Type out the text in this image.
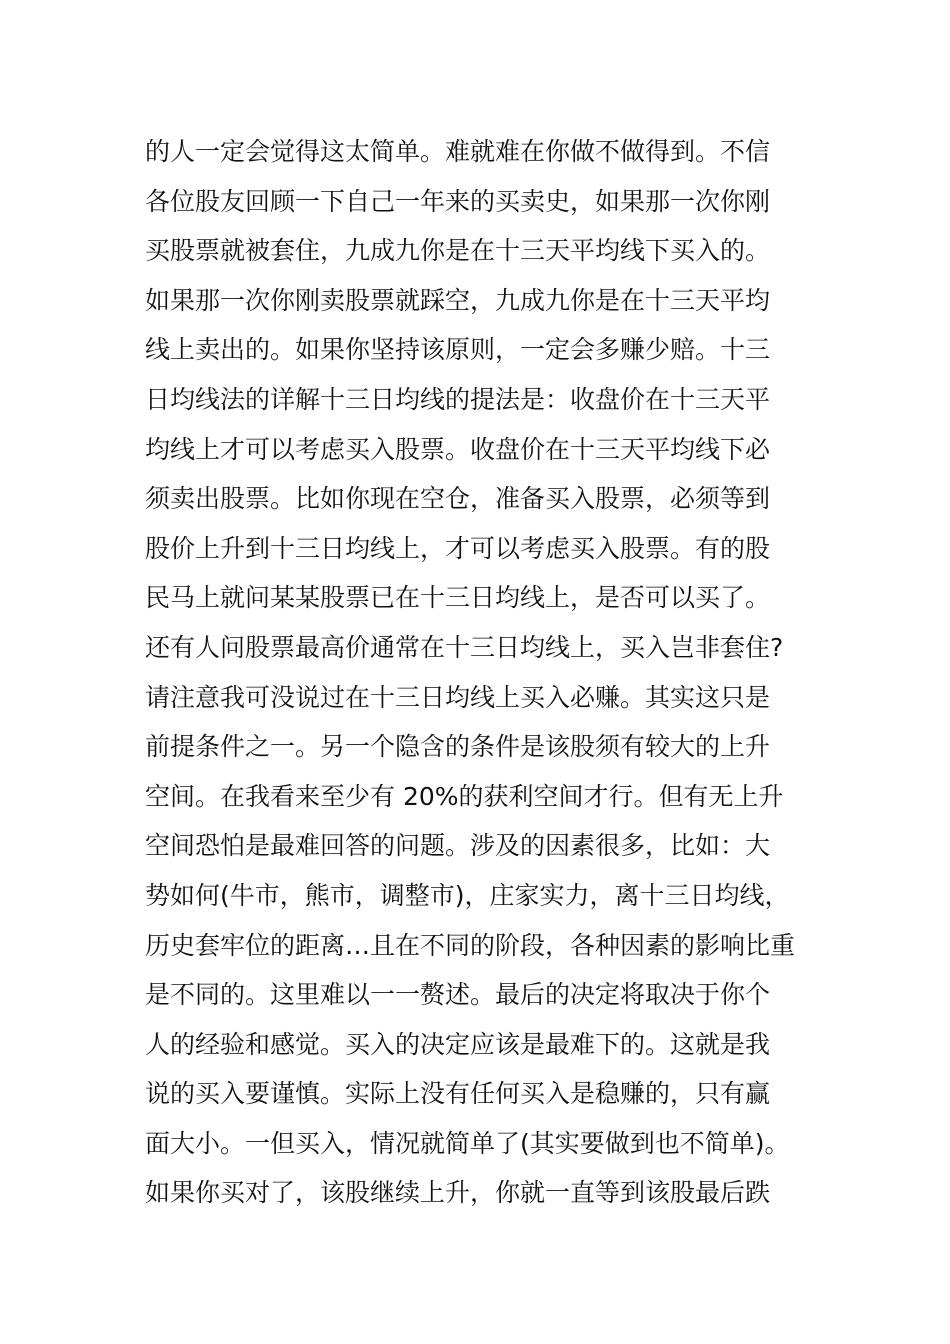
的人一定会觉得这太简单。难就难在你做不做得到。不信
各位股友回顾一下自己一年来的买卖史，如果那一次你刚
买股票就被套住，九成九你是在十三天平均线下买入的。
如果那一次你刚卖股票就踩空，九成九你是在十三天平均
线上卖出的。如果你坚持该原则，一定会多赚少赔。十三
日均线法的详解十三日均线的提法是：收盘价在十三天平
均线上才可以考虑买入股票。收盘价在十三天平均线下必
须卖出股票。比如你现在空仓，准备买入股票，必须等到
股价上升到十三日均线上，才可以考虑买入股票。有的股
民马上就问某某股票已在十三日均线上，是否可以买了。
还有人问股票最高价通常在十三日均线上，买入岂非套住?
请注意我可没说过在十三日均线上买入必赚。其实这只是
前提条件之一。另一个隐含的条件是该股须有较大的上升
空间。在我看来至少有 20%的获利空间才行。但有无上升
空间恐怕是最难回答的问题。涉及的因素很多，比如：大
势如何(牛市，熊市，调整市)，庄家实力，离十三日均线，
历史套牢位的距离…且在不同的阶段，各种因素的影响比重
是不同的。这里难以一一赘述。最后的决定将取决于你个
人的经验和感觉。买入的决定应该是最难下的。这就是我
说的买入要谨慎。实际上没有任何买入是稳赚的，只有赢
面大小。一但买入，情况就简单了(其实要做到也不简单)。
如果你买对了，该股继续上升，你就一直等到该股最后跌
